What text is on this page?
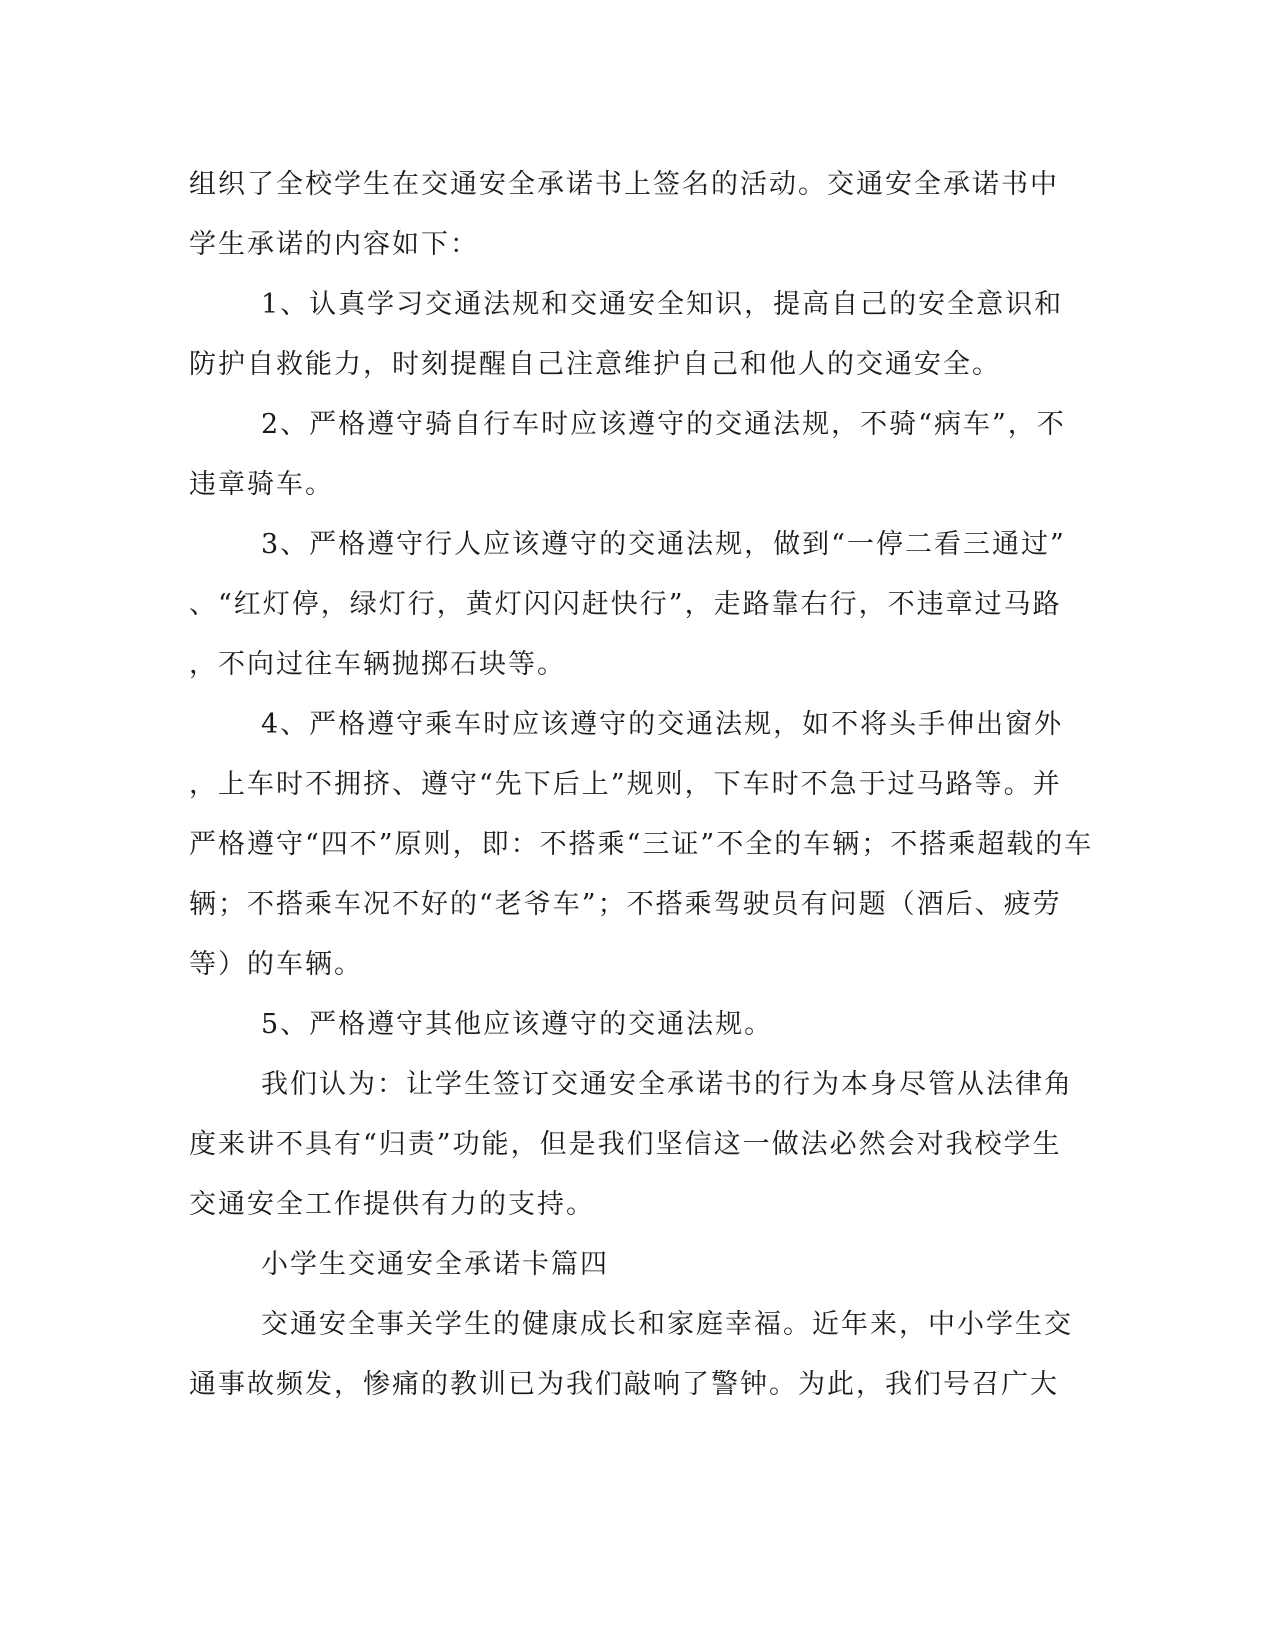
组织了全校学生在交通安全承诺书上签名的活动。交通安全承诺书中
学生承诺的内容如下：
1、认真学习交通法规和交通安全知识，提高自己的安全意识和
防护自救能力，时刻提醒自己注意维护自己和他人的交通安全。
2、严格遵守骑自行车时应该遵守的交通法规，不骑“病车”，不
违章骑车。
3、严格遵守行人应该遵守的交通法规，做到“一停二看三通过”
、“红灯停，绿灯行，黄灯闪闪赶快行”，走路靠右行，不违章过马路
，不向过往车辆抛掷石块等。
4、严格遵守乘车时应该遵守的交通法规，如不将头手伸出窗外
，上车时不拥挤、遵守“先下后上”规则，下车时不急于过马路等。并
严格遵守“四不”原则，即：不搭乘“三证”不全的车辆；不搭乘超载的车
辆；不搭乘车况不好的“老爷车”；不搭乘驾驶员有问题（酒后、疲劳
等）的车辆。
5、严格遵守其他应该遵守的交通法规。
我们认为：让学生签订交通安全承诺书的行为本身尽管从法律角
度来讲不具有“归责”功能，但是我们坚信这一做法必然会对我校学生
交通安全工作提供有力的支持。
小学生交通安全承诺卡篇四
交通安全事关学生的健康成长和家庭幸福。近年来，中小学生交
通事故频发，惨痛的教训已为我们敲响了警钟。为此，我们号召广大
